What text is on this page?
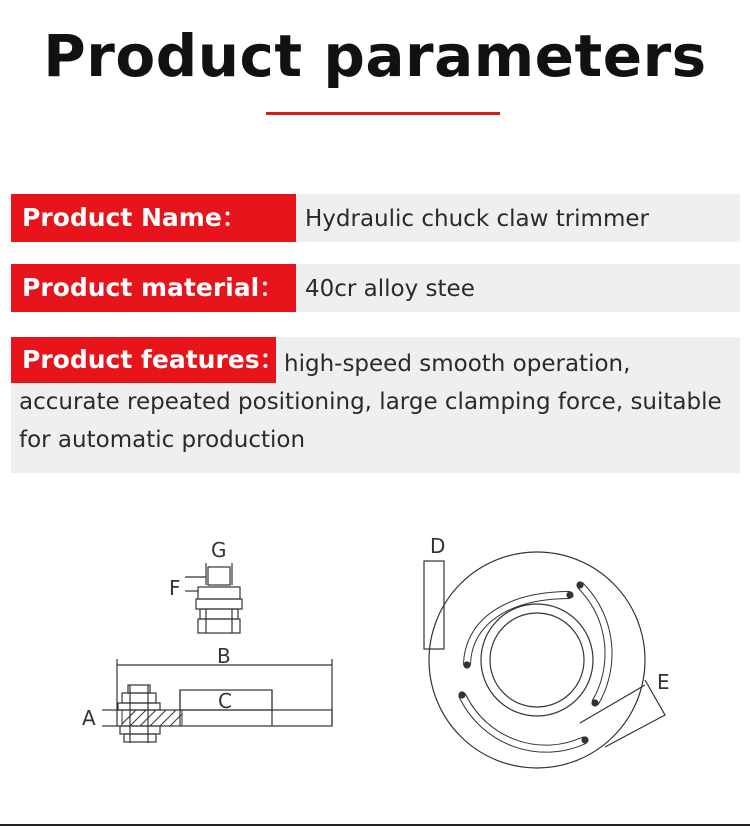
Product parameters
Product Name：	Hydraulic chuck claw trimmer
Product material： 40cr alloy stee
high-speed smooth operation, accurate repeated positioning, large clamping force, suitable for automatic production
Product features：
G
F
B
C
A
D
E
